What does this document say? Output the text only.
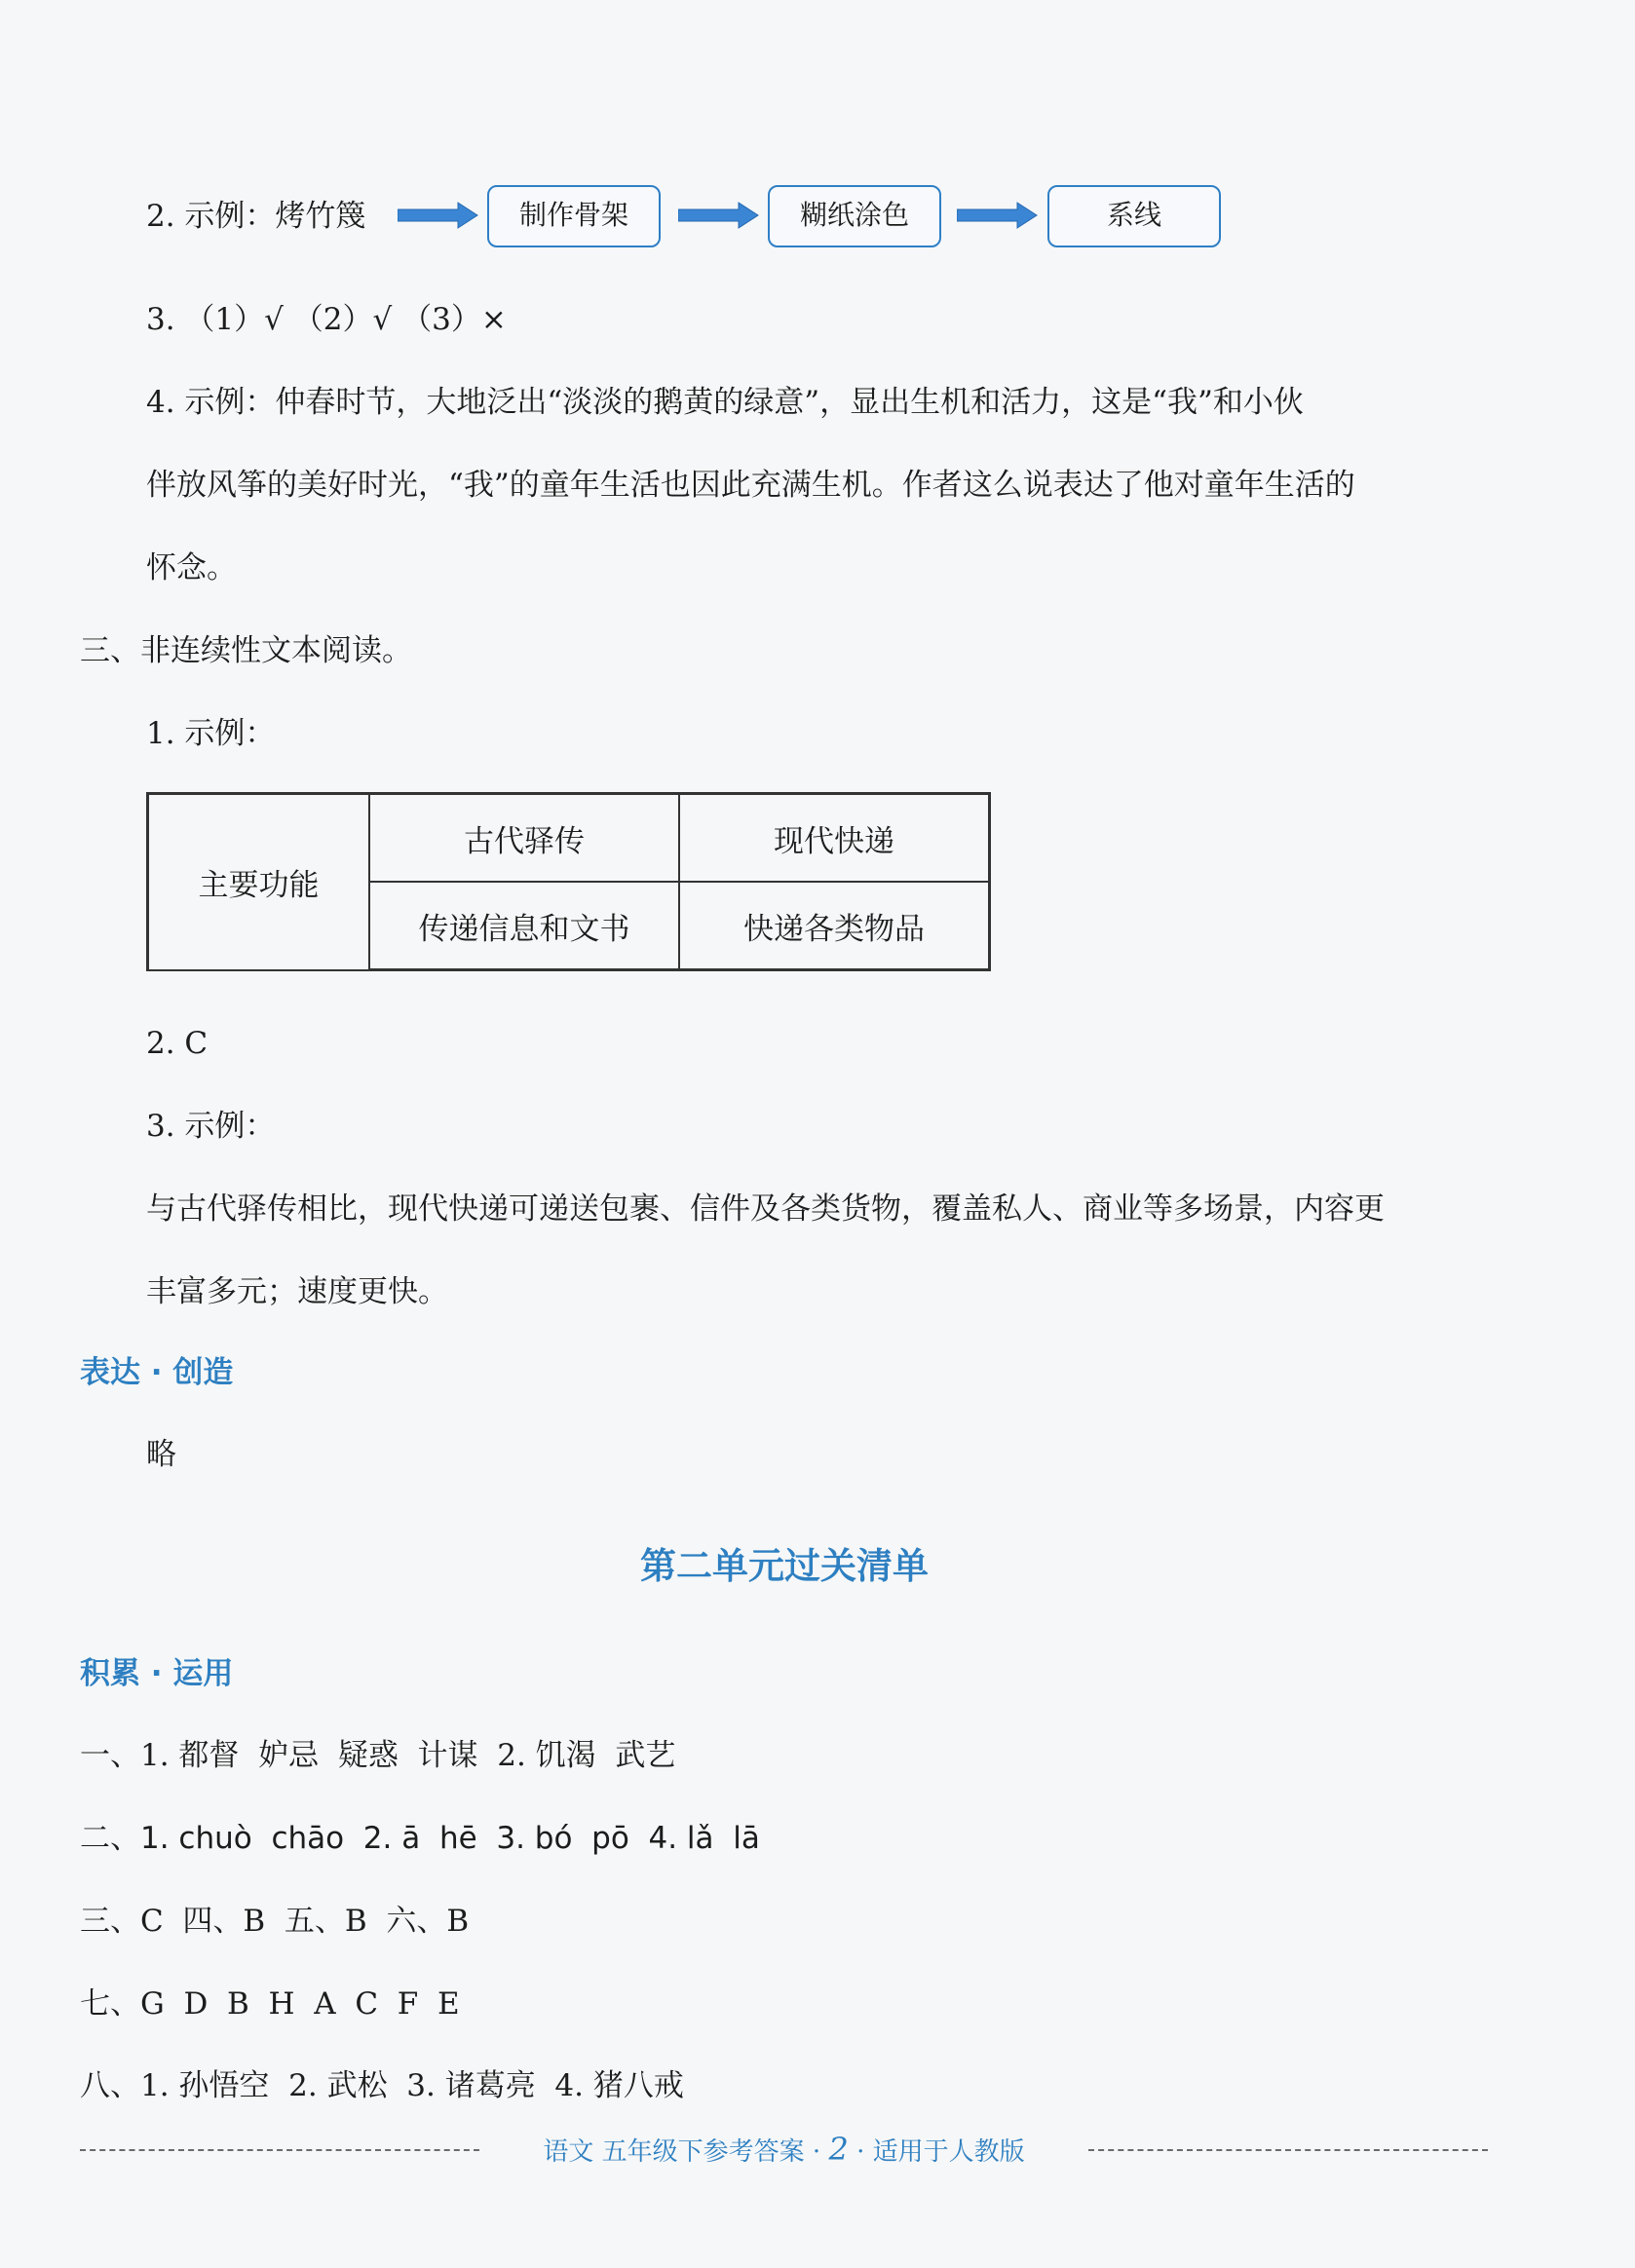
2. 示例：烤竹篾	制作骨架	糊纸涂色	系线
3. （1）√ （2）√ （3）×
4. 示例：仲春时节，大地泛出“淡淡的鹅黄的绿意”，显出生机和活力，这是“我”和小伙
伴放风筝的美好时光，“我”的童年生活也因此充满生机。作者这么说表达了他对童年生活的
怀念。
三、非连续性文本阅读。
1. 示例：
主要功能	古代驿传	现代快递
	传递信息和文书	快递各类物品
2. C
3. 示例：
与古代驿传相比，现代快递可递送包裹、信件及各类货物，覆盖私人、商业等多场景，内容更
丰富多元；速度更快。
表达 · 创造
略
第二单元过关清单
积累 · 运用
一、1. 都督  妒忌  疑惑  计谋  2. 饥渴  武艺
二、1. chuò  chāo  2. ā  hē  3. bó  pō  4. lǎ  lā
三、C  四、B  五、B  六、B
七、G  D  B  H  A  C  F  E
八、1. 孙悟空  2. 武松  3. 诸葛亮  4. 猪八戒
语文 五年级下参考答案 · 2 · 适用于人教版
